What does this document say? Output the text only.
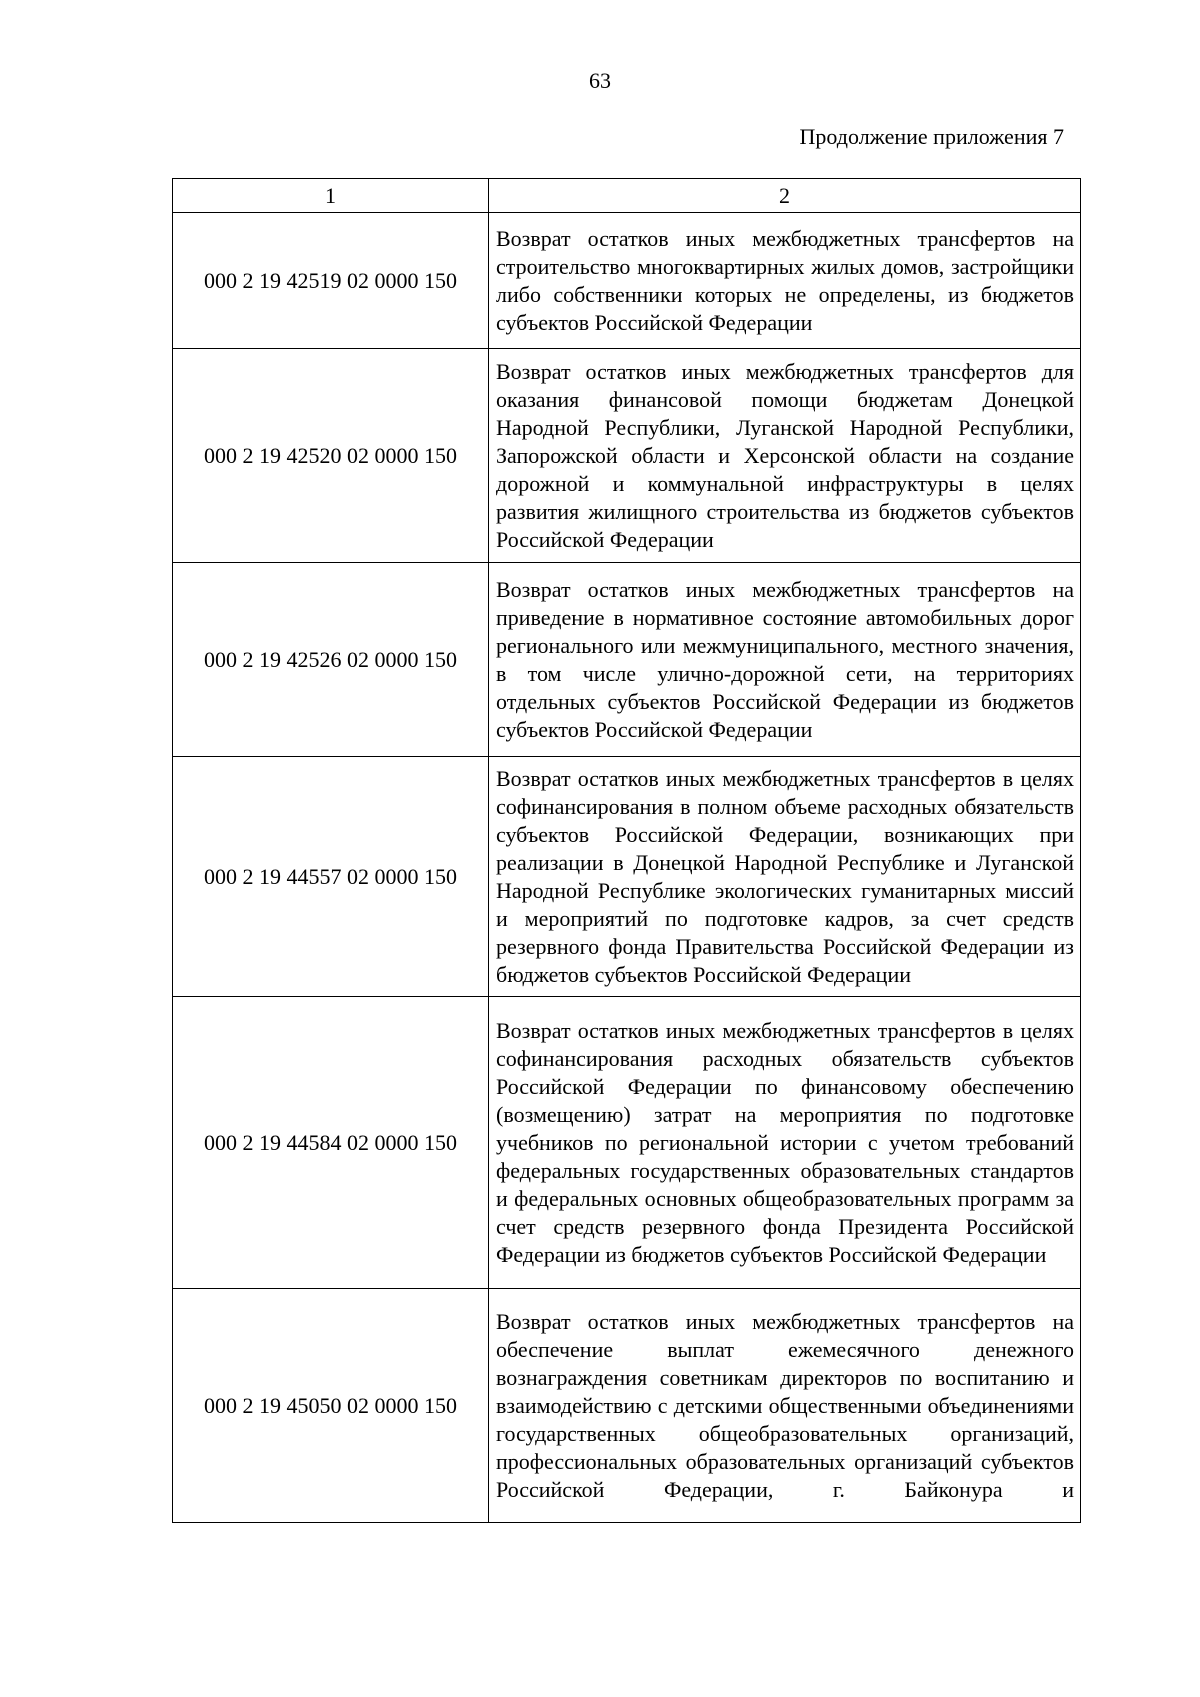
63
Продолжение приложения 7
1	2
000 2 19 42519 02 0000 150	Возврат остатков иных межбюджетных трансфертов на строительство многоквартирных жилых домов, застройщики либо собственники которых не определены, из бюджетов субъектов Российской Федерации
000 2 19 42520 02 0000 150	Возврат остатков иных межбюджетных трансфертов для оказания финансовой помощи бюджетам Донецкой Народной Республики, Луганской Народной Республики, Запорожской области и Херсонской области на создание дорожной и коммунальной инфраструктуры в целях развития жилищного строительства из бюджетов субъектов Российской Федерации
000 2 19 42526 02 0000 150	Возврат остатков иных межбюджетных трансфертов на приведение в нормативное состояние автомобильных дорог регионального или межмуниципального, местного значения, в том числе улично-дорожной сети, на территориях отдельных субъектов Российской Федерации из бюджетов субъектов Российской Федерации
000 2 19 44557 02 0000 150	Возврат остатков иных межбюджетных трансфертов в целях софинансирования в полном объеме расходных обязательств субъектов Российской Федерации, возникающих при реализации в Донецкой Народной Республике и Луганской Народной Республике экологических гуманитарных миссий и мероприятий по подготовке кадров, за счет средств резервного фонда Правительства Российской Федерации из бюджетов субъектов Российской Федерации
000 2 19 44584 02 0000 150	Возврат остатков иных межбюджетных трансфертов в целях софинансирования расходных обязательств субъектов Российской Федерации по финансовому обеспечению (возмещению) затрат на мероприятия по подготовке учебников по региональной истории с учетом требований федеральных государственных образовательных стандартов и федеральных основных общеобразовательных программ за счет средств резервного фонда Президента Российской Федерации из бюджетов субъектов Российской Федерации
000 2 19 45050 02 0000 150	Возврат остатков иных межбюджетных трансфертов на обеспечение выплат ежемесячного денежного вознаграждения советникам директоров по воспитанию и взаимодействию с детскими общественными объединениями государственных общеобразовательных организаций, профессиональных образовательных организаций субъектов Российской Федерации, г. Байконура и
